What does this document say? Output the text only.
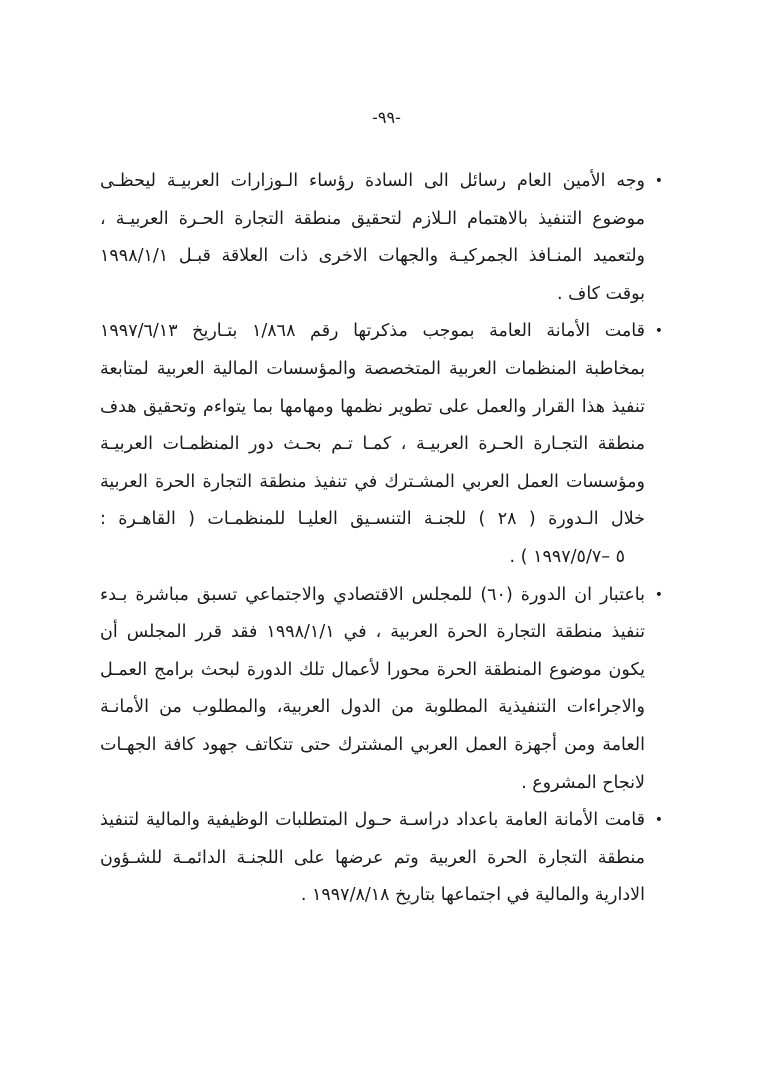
-٩٩-
•
وجه الأمين العام رسائل الى السادة رؤساء الـوزارات العربيـة ليحظـى
موضوع التنفيذ بالاهتمام الـلازم لتحقيق منطقة التجارة الحـرة العربيـة ،
ولتعميد المنـافذ الجمركيـة والجهات الاخرى ذات العلاقة قبـل ١٩٩٨/١/١
بوقت كاف .
•
قامت الأمانة العامة بموجب مذكرتها رقم ١/٨٦٨ بتـاريخ ١٩٩٧/٦/١٣
بمخاطبة المنظمات العربية المتخصصة والمؤسسات المالية العربية لمتابعة
تنفيذ هذا القرار والعمل على تطوير نظمها ومهامها بما يتواءم وتحقيق هدف
منطقة التجـارة الحـرة العربيـة ، كمـا تـم بحـث دور المنظمـات العربيـة
ومؤسسات العمل العربي المشـترك في تنفيذ منطقة التجارة الحرة العربية
خلال الـدورة ( ٢٨ ) للجنـة التنسـيق العليـا للمنظمـات ( القاهـرة :
٥ –١٩٩٧/٥/٧ ) .
•
باعتبار ان الدورة (٦٠) للمجلس الاقتصادي والاجتماعي تسبق مباشرة بـدء
تنفيذ منطقة التجارة الحرة العربية ، في ١٩٩٨/١/١ فقد قرر المجلس أن
يكون موضوع المنطقة الحرة محورا لأعمال تلك الدورة لبحث برامج العمـل
والاجراءات التنفيذية المطلوبة من الدول العربية، والمطلوب من الأمانـة
العامة ومن أجهزة العمل العربي المشترك حتى تتكاتف جهود كافة الجهـات
لانجاح المشروع .
•
قامت الأمانة العامة باعداد دراسـة حـول المتطلبات الوظيفية والمالية لتنفيذ
منطقة التجارة الحرة العربية وتم عرضها على اللجنـة الدائمـة للشـؤون
الادارية والمالية في اجتماعها بتاريخ ١٩٩٧/٨/١٨ .
